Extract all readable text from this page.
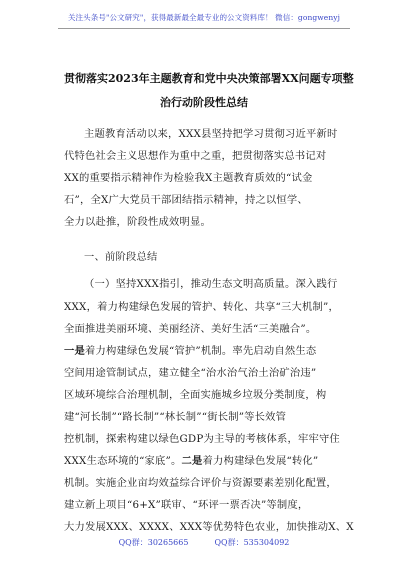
关注头条号"公文研究"，获得最新最全最专业的公文资料库！ 微信：gongwenyj
贯彻落实2023年主题教育和党中央决策部署XX问题专项整
治行动阶段性总结
主题教育活动以来，XXX县坚持把学习贯彻习近平新时
代特色社会主义思想作为重中之重，把贯彻落实总书记对
XX的重要指示精神作为检验我X主题教育质效的“试金
石”，全X广大党员干部团结指示精神，持之以恒学、
全力以赴推，阶段性成效明显。
一、前阶段总结
（一）坚持XXX指引，推动生态文明高质量。深入践行
XXX，着力构建绿色发展的管护、转化、共享“三大机制”，
全面推进美丽环境、美丽经济、美好生活“三美融合”。
一是着力构建绿色发展“管护”机制。率先启动自然生态
空间用途管制试点，建立健全“治水治气治土治矿治违”
区域环境综合治理机制，全面实施城乡垃圾分类制度，构
建“河长制”“路长制”“林长制”“街长制”等长效管
控机制，探索构建以绿色GDP为主导的考核体系，牢牢守住
XXX生态环境的“家底”。二是着力构建绿色发展“转化”
机制。实施企业亩均效益综合评价与资源要素差别化配置，
建立新上项目“6+X”联审、“环评一票否决”等制度，
大力发展XXX、XXXX、XXX等优势特色农业，加快推动X、X
QQ群：30265665	QQ群：535304092
